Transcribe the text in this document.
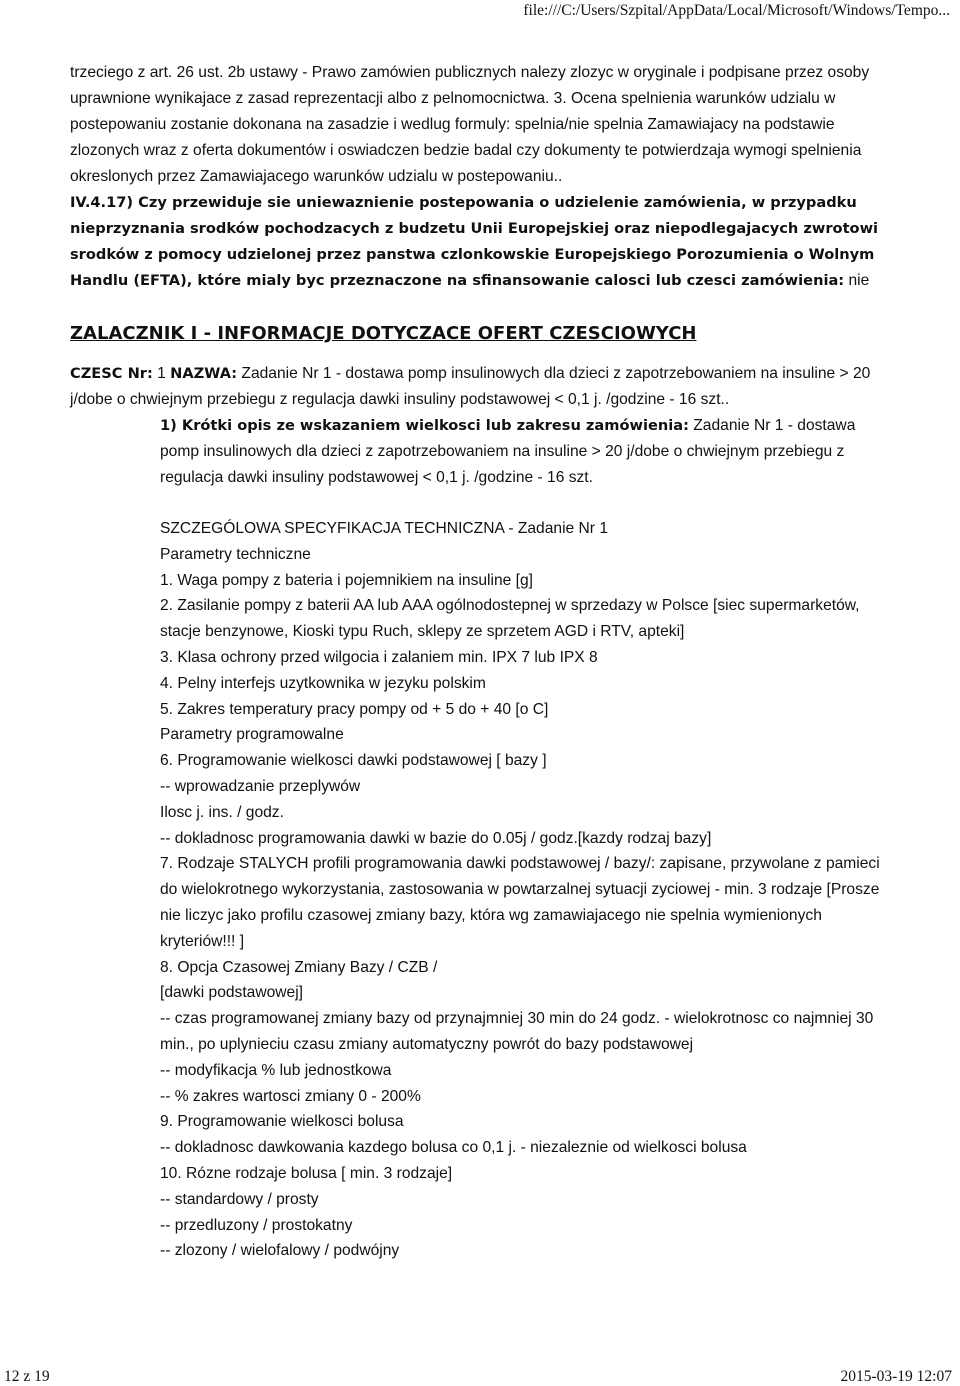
file:///C:/Users/Szpital/AppData/Local/Microsoft/Windows/Tempo...

trzeciego z art. 26 ust. 2b ustawy - Prawo zamówien publicznych nalezy zlozyc w oryginale i podpisane przez osoby uprawnione wynikajace z zasad reprezentacji albo z pelnomocnictwa. 3. Ocena spelnienia warunków udzialu w postepowaniu zostanie dokonana na zasadzie i wedlug formuly: spelnia/nie spelnia Zamawiajacy na podstawie zlozonych wraz z oferta dokumentów i oswiadczen bedzie badal czy dokumenty te potwierdzaja wymogi spelnienia okreslonych przez Zamawiajacego warunków udzialu w postepowaniu..

IV.4.17) Czy przewiduje sie uniewaznienie postepowania o udzielenie zamówienia, w przypadku nieprzyznania srodków pochodzacych z budzetu Unii Europejskiej oraz niepodlegajacych zwrotowi srodków z pomocy udzielonej przez panstwa czlonkowskie Europejskiego Porozumienia o Wolnym Handlu (EFTA), które mialy byc przeznaczone na sfinansowanie calosci lub czesci zamówienia: nie

ZALACZNIK I - INFORMACJE DOTYCZACE OFERT CZESCIOWYCH

CZESC Nr: 1 NAZWA: Zadanie Nr 1 - dostawa pomp insulinowych dla dzieci z zapotrzebowaniem na insuline > 20 j/dobe o chwiejnym przebiegu z regulacja dawki insuliny podstawowej < 0,1 j. /godzine - 16 szt..

1) Krótki opis ze wskazaniem wielkosci lub zakresu zamówienia: Zadanie Nr 1 - dostawa pomp insulinowych dla dzieci z zapotrzebowaniem na insuline > 20 j/dobe o chwiejnym przebiegu z regulacja dawki insuliny podstawowej < 0,1 j. /godzine - 16 szt.

SZCZEGÓLOWA SPECYFIKACJA TECHNICZNA - Zadanie Nr 1
Parametry techniczne
1. Waga pompy z bateria i pojemnikiem na insuline [g]
2. Zasilanie pompy z baterii AA lub AAA ogólnodostepnej w sprzedazy w Polsce [siec supermarketów, stacje benzynowe, Kioski typu Ruch, sklepy ze sprzetem AGD i RTV, apteki]
3. Klasa ochrony przed wilgocia i zalaniem min. IPX 7 lub IPX 8
4. Pelny interfejs uzytkownika w jezyku polskim
5. Zakres temperatury pracy pompy od + 5 do + 40 [o C]
Parametry programowalne
6. Programowanie wielkosci dawki podstawowej [ bazy ]
-- wprowadzanie przeplywów
Ilosc j. ins. / godz.
-- dokladnosc programowania dawki w bazie do 0.05j / godz.[kazdy rodzaj bazy]
7. Rodzaje STALYCH profili programowania dawki podstawowej / bazy/: zapisane, przywolane z pamieci do wielokrotnego wykorzystania, zastosowania w powtarzalnej sytuacji zyciowej - min. 3 rodzaje [Prosze nie liczyc jako profilu czasowej zmiany bazy, która wg zamawiajacego nie spelnia wymienionych kryteriów!!! ]
8. Opcja Czasowej Zmiany Bazy / CZB /
[dawki podstawowej]
-- czas programowanej zmiany bazy od przynajmniej 30 min do 24 godz. - wielokrotnosc co najmniej 30 min., po uplynieciu czasu zmiany automatyczny powrót do bazy podstawowej
-- modyfikacja % lub jednostkowa
-- % zakres wartosci zmiany 0 - 200%
9. Programowanie wielkosci bolusa
-- dokladnosc dawkowania kazdego bolusa co 0,1 j. - niezaleznie od wielkosci bolusa
10. Rózne rodzaje bolusa [ min. 3 rodzaje]
-- standardowy / prosty
-- przedluzony / prostokatny
-- zlozony / wielofalowy / podwójny
12 z 19	2015-03-19 12:07
